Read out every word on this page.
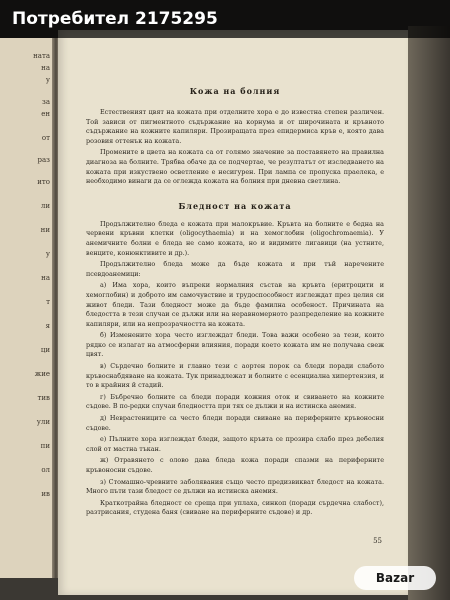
Потребител 2175295
ната
на
у
за
ен
от
раз
ито
ли
ни
у
на
т
я
ци
жие
тив
ули
пи
ол
ив
Кожа на болния

Естественият цвят на кожата при отделните хора е до известна степен различен. Той зависи от пигментното съдържание на корнума и от широчината и кръвното съдържание на кожните капиляри. Прозиращата през епидермиса кръв е, която дава розовия оттенък на кожата.

Промените в цвета на кожата са от голямо значение за поставянето на правилна диагноза на болните. Трябва обаче да се подчертае, че резултатът от изследването на кожата при изкуствено осветление е несигурен. При лампа се пропуска праелека, е необходимо винаги да се оглежда кожата на болния при дневна светлина.

Бледност на кожата

Продължително бледа е кожата при малокръвие. Кръвта на болните е бедна на червени кръвни клетки (oligocythaemia) и на хемоглобин (oligochromaemia). У анемичните болни е бледа не само кожата, но и видимите лигавици (на устните, венците, конюнктивите и др.).

Продължително бледа може да бъде кожата и при тъй наречените псевдоанемици:

а) Има хора, които въпреки нормалния състав на кръвта (еритроцити и хемоглобин) и доброто им самочувствие и трудоспособност изглеждат през целия си живот бледи. Тази бледност може да бъде фамилна особеност. Причината на бледостта в тези случаи се дължи или на неравномерното разпределение на кожните капиляри, или на непрозрачността на кожата.

б) Изменените хора често изглеждат бледи. Това важи особено за тези, които рядко се излагат на атмосферни влияния, поради което кожата им не получава свеж цвят.

в) Сърдечно болните и главно тези с аортен порок са бледи поради слабото кръвоснабдяване на кожата. Тук принадлежат и болните с есенциална хипертензия, и то в крайния й стадий.

г) Бъбречно болните са бледи поради кожния оток и свиването на кожните съдове. В по-редки случаи бледността при тях се дължи и на истинска анемия.

д) Неврастениците са често бледи поради свиване на периферните кръвоносни съдове.

е) Пълните хора изглеждат бледи, защото кръвта се прозира слабо през дебелия слой от мастна тъкан.

ж) Отравянето с олово дава бледа кожа поради спазми на периферните кръвоносни съдове.

з) Стомашно-чревните заболявания също често предизвикват бледост на кожата. Много пъти тази бледост се дължи на истинска анемия.

Краткотрайна бледност се среща при уплаха, синкоп (поради сърдечна слабост), разтрисания, студена баня (свиване на периферните съдове) и др.

55
Bazar
